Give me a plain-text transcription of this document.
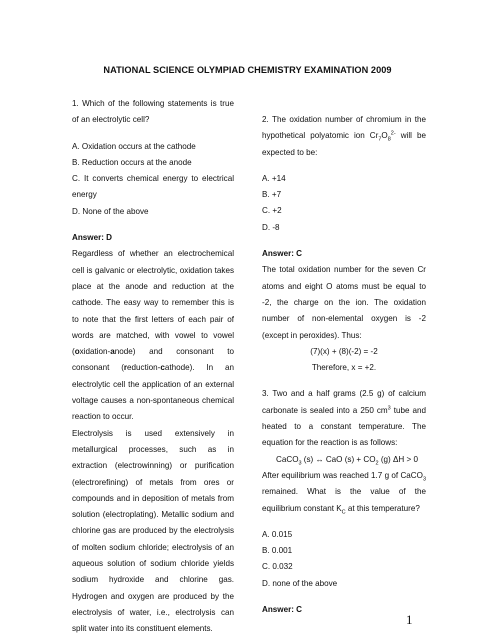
NATIONAL SCIENCE OLYMPIAD CHEMISTRY EXAMINATION 2009

1. Which of the following statements is true of an electrolytic cell?

A. Oxidation occurs at the cathode

B. Reduction occurs at the anode

C. It converts chemical energy to electrical energy

D. None of the above

Answer: D

Regardless of whether an electrochemical cell is galvanic or electrolytic, oxidation takes place at the anode and reduction at the cathode. The easy way to remember this is to note that the first letters of each pair of words are matched, with vowel to vowel (oxidation-anode) and consonant to consonant (reduction-cathode). In an electrolytic cell the application of an external voltage causes a non-spontaneous chemical reaction to occur.

Electrolysis is used extensively in metallurgical processes, such as in extraction (electrowinning) or purification (electrorefining) of metals from ores or compounds and in deposition of metals from solution (electroplating). Metallic sodium and chlorine gas are produced by the electrolysis of molten sodium chloride; electrolysis of an aqueous solution of sodium chloride yields sodium hydroxide and chlorine gas. Hydrogen and oxygen are produced by the electrolysis of water, i.e., electrolysis can split water into its constituent elements.

2. The oxidation number of chromium in the hypothetical polyatomic ion $Cr_7O_8^{2-}$ will be expected to be:

A. +14

B. +7

C. +2

D. -8

Answer: C

The total oxidation number for the seven Cr atoms and eight O atoms must be equal to -2, the charge on the ion. The oxidation number of non-elemental oxygen is -2 (except in peroxides). Thus:

(7)(x) + (8)(-2) = -2

Therefore, x = +2.

3. Two and a half grams (2.5 g) of calcium carbonate is sealed into a 250 $cm^3$ tube and heated to a constant temperature. The equation for the reaction is as follows:

CaCO$_3$ (s) ↔ CaO $(s) + CO_2$ (g) ΔH > 0

After equilibrium was reached 1.7 g of CaCO$_3$ remained. What is the value of the equilibrium constant $K_C$ at this temperature?

A. 0.015

B. 0.001

C. 0.032

D. none of the above

Answer: C

1
